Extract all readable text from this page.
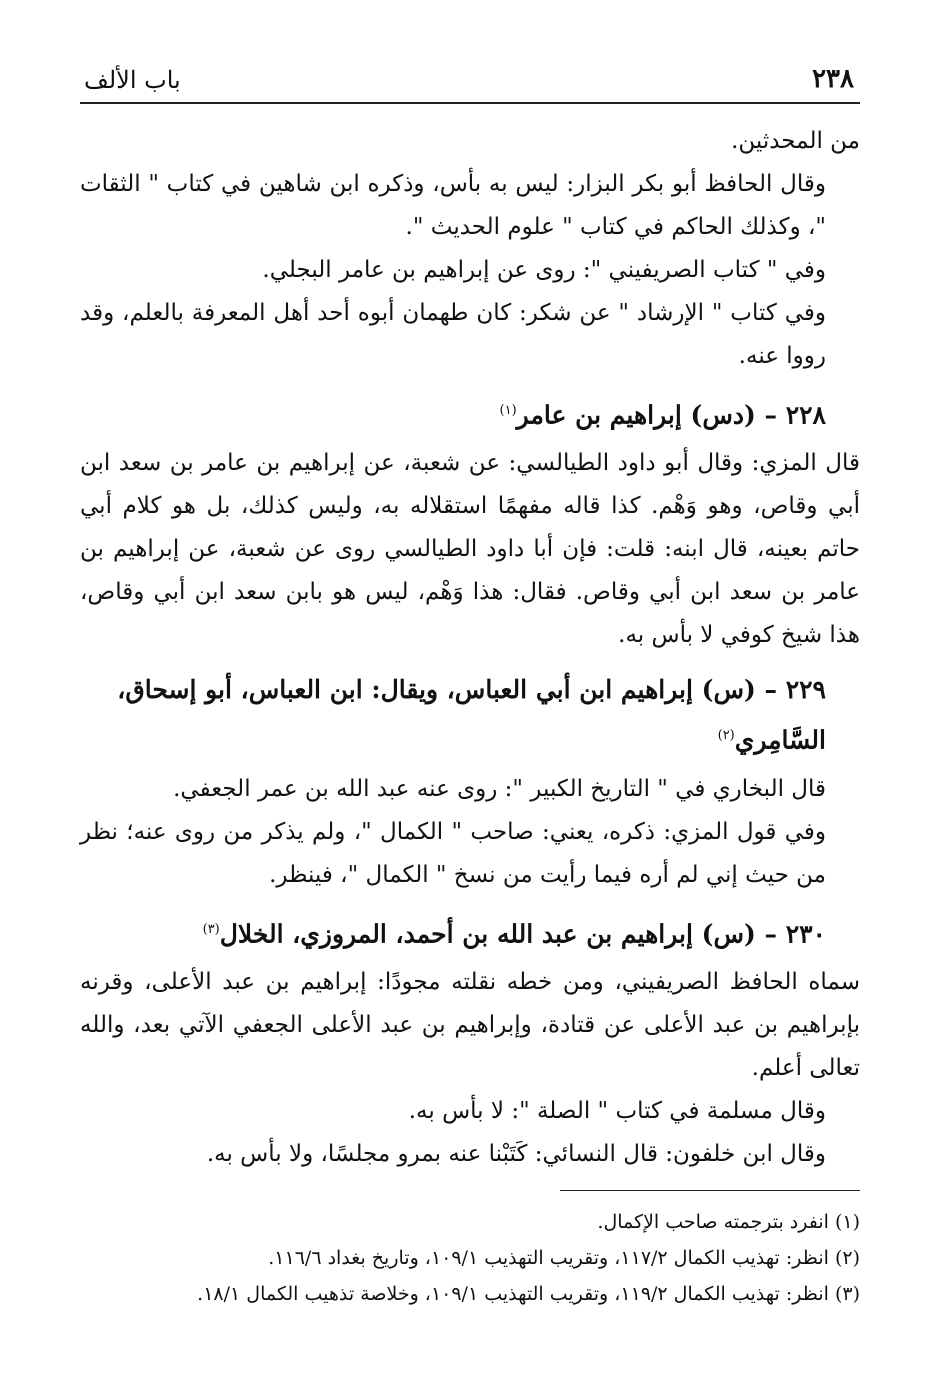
٢٣٨
باب الألف

من المحدثين.

وقال الحافظ أبو بكر البزار: ليس به بأس، وذكره ابن شاهين في كتاب " الثقات "، وكذلك الحاكم في كتاب " علوم الحديث ".

وفي " كتاب الصريفيني ": روى عن إبراهيم بن عامر البجلي.

وفي كتاب " الإرشاد " عن شكر: كان طهمان أبوه أحد أهل المعرفة بالعلم، وقد رووا عنه.

٢٢٨ – (دس) إبراهيم بن عامر$^{(١)}$

قال المزي: وقال أبو داود الطيالسي: عن شعبة، عن إبراهيم بن عامر بن سعد ابن أبي وقاص، وهو وَهْم. كذا قاله مفهمًا استقلاله به، وليس كذلك، بل هو كلام أبي حاتم بعينه، قال ابنه: قلت: فإن أبا داود الطيالسي روى عن شعبة، عن إبراهيم بن عامر بن سعد ابن أبي وقاص. فقال: هذا وَهْم، ليس هو بابن سعد ابن أبي وقاص، هذا شيخ كوفي لا بأس به.

٢٢٩ – (س) إبراهيم ابن أبي العباس، ويقال: ابن العباس، أبو إسحاق، السَّامِري$^{(٢)}$

قال البخاري في " التاريخ الكبير ": روى عنه عبد الله بن عمر الجعفي.

وفي قول المزي: ذكره، يعني: صاحب " الكمال "، ولم يذكر من روى عنه؛ نظر من حيث إني لم أره فيما رأيت من نسخ " الكمال "، فينظر.

٢٣٠ – (س) إبراهيم بن عبد الله بن أحمد، المروزي، الخلال$^{(٣)}$

سماه الحافظ الصريفيني، ومن خطه نقلته مجودًا: إبراهيم بن عبد الأعلى، وقرنه بإبراهيم بن عبد الأعلى عن قتادة، وإبراهيم بن عبد الأعلى الجعفي الآتي بعد، والله تعالى أعلم.

وقال مسلمة في كتاب " الصلة ": لا بأس به.

وقال ابن خلفون: قال النسائي: كَتَبْنا عنه بمرو مجلسًا، ولا بأس به.

(١) انفرد بترجمته صاحب الإكمال.

(٢) انظر: تهذيب الكمال ١١٧/٢، وتقريب التهذيب ١٠٩/١، وتاريخ بغداد ١١٦/٦.

(٣) انظر: تهذيب الكمال ١١٩/٢، وتقريب التهذيب ١٠٩/١، وخلاصة تذهيب الكمال ١٨/١.
